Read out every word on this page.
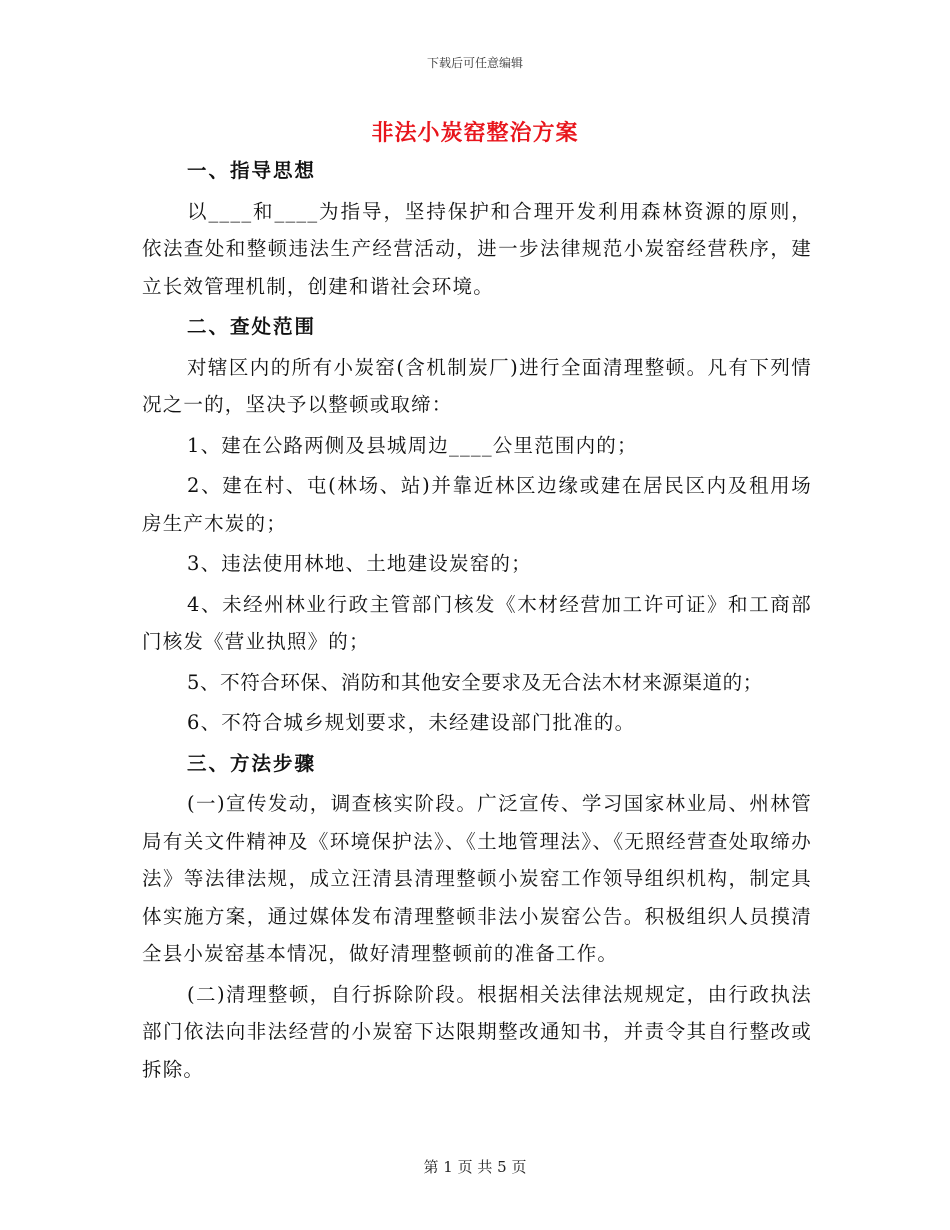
下载后可任意编辑
非法小炭窑整治方案

一、指导思想

以____和____为指导，坚持保护和合理开发利用森林资源的原则，依法查处和整顿违法生产经营活动，进一步法律规范小炭窑经营秩序，建立长效管理机制，创建和谐社会环境。

二、查处范围

对辖区内的所有小炭窑(含机制炭厂)进行全面清理整顿。凡有下列情况之一的，坚决予以整顿或取缔：

1、建在公路两侧及县城周边____公里范围内的；

2、建在村、屯(林场、站)并靠近林区边缘或建在居民区内及租用场房生产木炭的；

3、违法使用林地、土地建设炭窑的；

4、未经州林业行政主管部门核发《木材经营加工许可证》和工商部门核发《营业执照》的；

5、不符合环保、消防和其他安全要求及无合法木材来源渠道的；

6、不符合城乡规划要求，未经建设部门批准的。

三、方法步骤

(一)宣传发动，调查核实阶段。广泛宣传、学习国家林业局、州林管局有关文件精神及《环境保护法》、《土地管理法》、《无照经营查处取缔办法》等法律法规，成立汪清县清理整顿小炭窑工作领导组织机构，制定具体实施方案，通过媒体发布清理整顿非法小炭窑公告。积极组织人员摸清全县小炭窑基本情况，做好清理整顿前的准备工作。

(二)清理整顿，自行拆除阶段。根据相关法律法规规定，由行政执法部门依法向非法经营的小炭窑下达限期整改通知书，并责令其自行整改或拆除。

第 1 页 共 5 页
